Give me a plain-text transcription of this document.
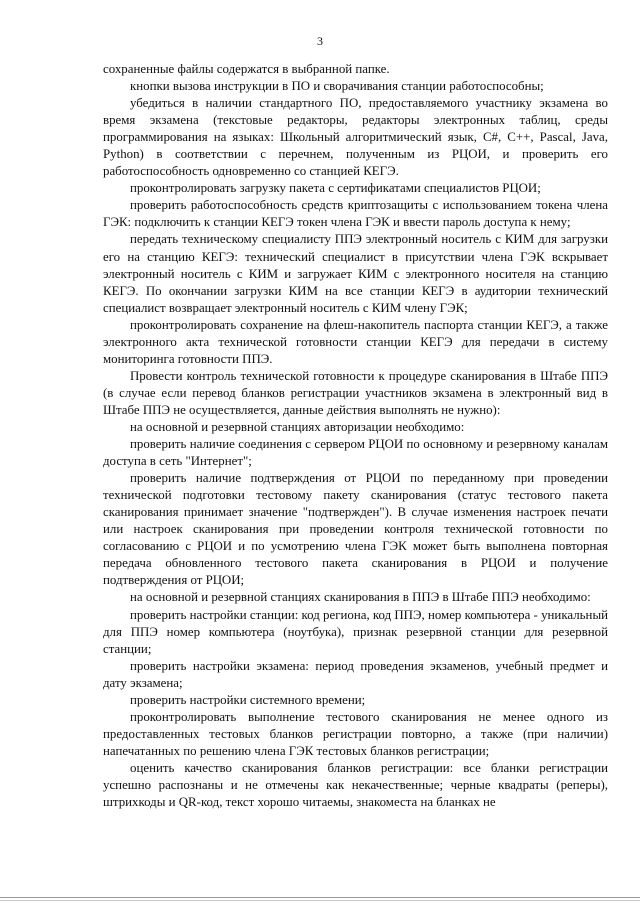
3

сохраненные файлы содержатся в выбранной папке.

кнопки вызова инструкции в ПО и сворачивания станции работоспособны;

убедиться в наличии стандартного ПО, предоставляемого участнику экзамена во время экзамена (текстовые редакторы, редакторы электронных таблиц, среды программирования на языках: Школьный алгоритмический язык, C#, C++, Pascal, Java, Python) в соответствии с перечнем, полученным из РЦОИ, и проверить его работоспособность одновременно со станцией КЕГЭ.

проконтролировать загрузку пакета с сертификатами специалистов РЦОИ;

проверить работоспособность средств криптозащиты с использованием токена члена ГЭК: подключить к станции КЕГЭ токен члена ГЭК и ввести пароль доступа к нему;

передать техническому специалисту ППЭ электронный носитель с КИМ для загрузки его на станцию КЕГЭ: технический специалист в присутствии члена ГЭК вскрывает электронный носитель с КИМ и загружает КИМ с электронного носителя на станцию КЕГЭ. По окончании загрузки КИМ на все станции КЕГЭ в аудитории технический специалист возвращает электронный носитель с КИМ члену ГЭК;

проконтролировать сохранение на флеш-накопитель паспорта станции КЕГЭ, а также электронного акта технической готовности станции КЕГЭ для передачи в систему мониторинга готовности ППЭ.

Провести контроль технической готовности к процедуре сканирования в Штабе ППЭ (в случае если перевод бланков регистрации участников экзамена в электронный вид в Штабе ППЭ не осуществляется, данные действия выполнять не нужно):

на основной и резервной станциях авторизации необходимо:

проверить наличие соединения с сервером РЦОИ по основному и резервному каналам доступа в сеть "Интернет";

проверить наличие подтверждения от РЦОИ по переданному при проведении технической подготовки тестовому пакету сканирования (статус тестового пакета сканирования принимает значение "подтвержден"). В случае изменения настроек печати или настроек сканирования при проведении контроля технической готовности по согласованию с РЦОИ и по усмотрению члена ГЭК может быть выполнена повторная передача обновленного тестового пакета сканирования в РЦОИ и получение подтверждения от РЦОИ;

на основной и резервной станциях сканирования в ППЭ в Штабе ППЭ необходимо:

проверить настройки станции: код региона, код ППЭ, номер компьютера - уникальный для ППЭ номер компьютера (ноутбука), признак резервной станции для резервной станции;

проверить настройки экзамена: период проведения экзаменов, учебный предмет и дату экзамена;

проверить настройки системного времени;

проконтролировать выполнение тестового сканирования не менее одного из предоставленных тестовых бланков регистрации повторно, а также (при наличии) напечатанных по решению члена ГЭК тестовых бланков регистрации;

оценить качество сканирования бланков регистрации: все бланки регистрации успешно распознаны и не отмечены как некачественные; черные квадраты (реперы), штрихкоды и QR-код, текст хорошо читаемы, знакоместа на бланках не
